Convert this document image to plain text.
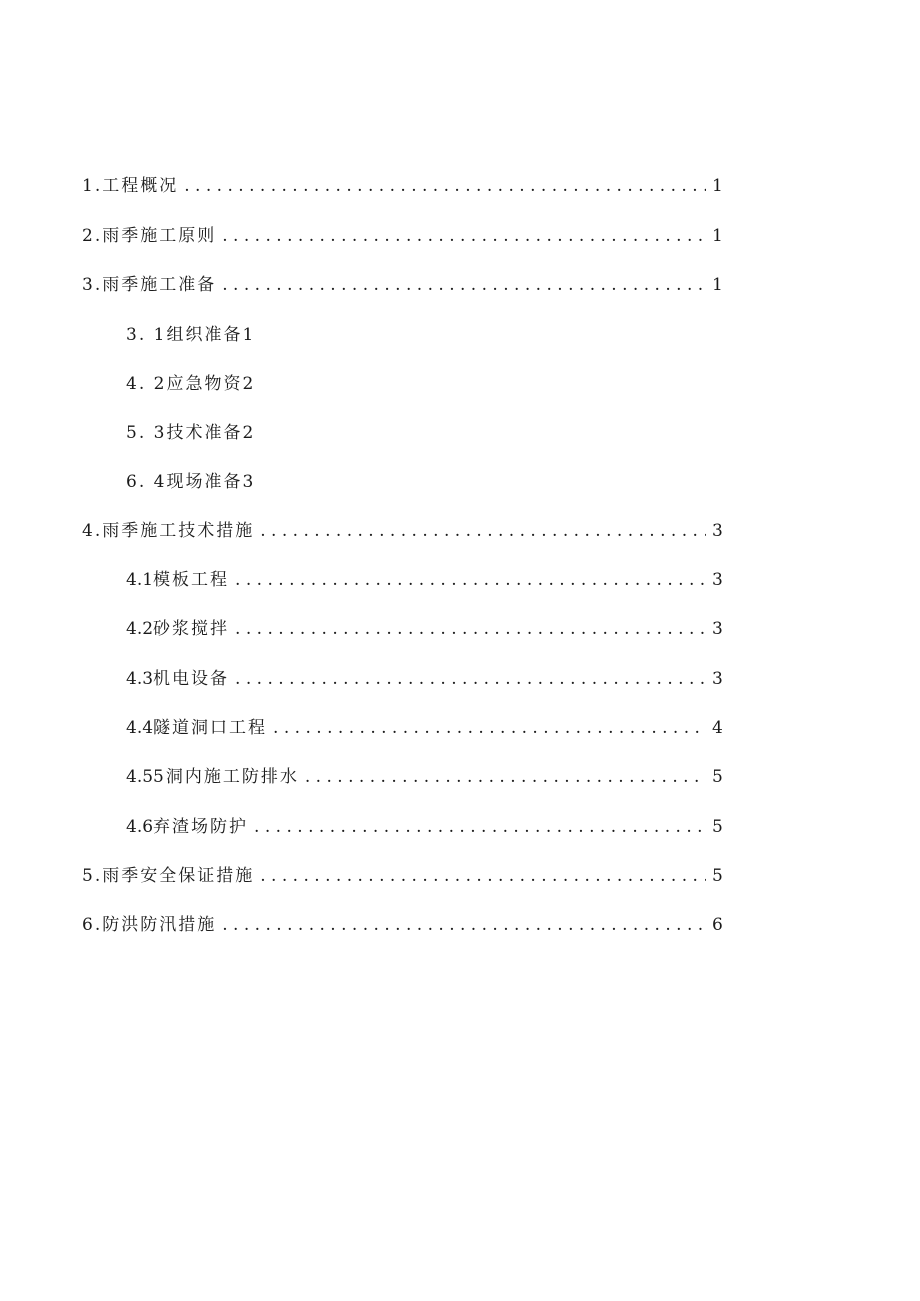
1 .工程概况 . . .	1
2 .雨季施工原则 . . .	1
3 .雨季施工准备 . . .	1
3. 1组织准备1
4. 2应急物资2
5. 3技术准备2
6. 4现场准备3
4 .雨季施工技术措施 . . .	3
4.1 模板工程 . . .	3
4.2 砂浆搅拌 . . .	3
4.3 机电设备 . . .	3
4.4 隧道洞口工程 . . .	4
4.5 5洞内施工防排水 . . .	5
4.6 弃渣场防护 . . .	5
5 .雨季安全保证措施 . . .	5
6 .防洪防汛措施 . . .	6
